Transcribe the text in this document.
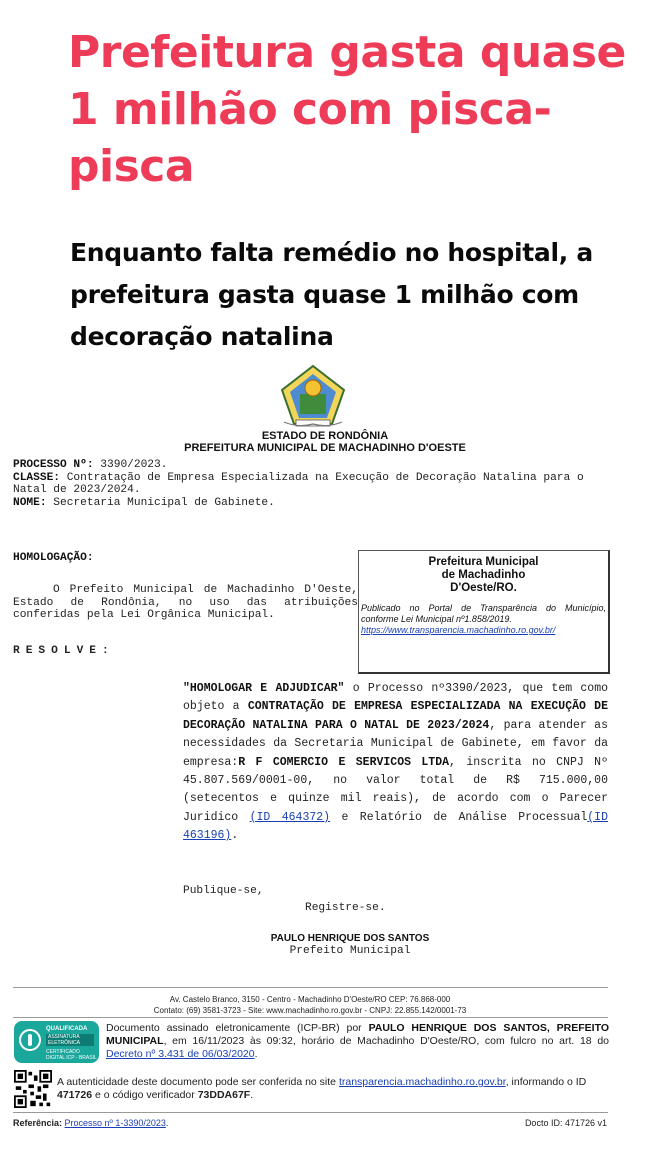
Prefeitura gasta quase 1 milhão com pisca-pisca
Enquanto falta remédio no hospital, a prefeitura gasta quase 1 milhão com decoração natalina
ESTADO DE RONDÔNIA
PREFEITURA MUNICIPAL DE MACHADINHO D'OESTE
PROCESSO Nº: 3390/2023.
CLASSE: Contratação de Empresa Especializada na Execução de Decoração Natalina para o Natal de 2023/2024.
NOME: Secretaria Municipal de Gabinete.
HOMOLOGAÇÃO:
O Prefeito Municipal de Machadinho D'Oeste, Estado de Rondônia, no uso das atribuições conferidas pela Lei Orgânica Municipal.
RESOLVE:
Prefeitura Municipal
de Machadinho
D'Oeste/RO.
Publicado no Portal de Transparência do Município, conforme Lei Municipal nº1.858/2019.
https://www.transparencia.machadinho.ro.gov.br/
"HOMOLOGAR E ADJUDICAR" o Processo nº3390/2023, que tem como objeto a CONTRATAÇÃO DE EMPRESA ESPECIALIZADA NA EXECUÇÃO DE DECORAÇÃO NATALINA PARA O NATAL DE 2023/2024, para atender as necessidades da Secretaria Municipal de Gabinete, em favor da empresa:R F COMERCIO E SERVICOS LTDA, inscrita no CNPJ Nº 45.807.569/0001-00, no valor total de R$ 715.000,00 (setecentos e quinze mil reais), de acordo com o Parecer Juridico (ID 464372) e Relatório de Análise Processual(ID 463196).
Publique-se,
Registre-se.
PAULO HENRIQUE DOS SANTOS
Prefeito Municipal
Av. Castelo Branco, 3150 - Centro - Machadinho D'Oeste/RO CEP: 76.868-000
Contato: (69) 3581-3723 - Site: www.machadinho.ro.gov.br - CNPJ: 22.855.142/0001-73
QUALIFICADA
ASSINATURA ELETRÔNICA
CERTIFICADO DIGITAL ICP - BRASIL
Documento assinado eletronicamente (ICP-BR) por PAULO HENRIQUE DOS SANTOS, PREFEITO MUNICIPAL, em 16/11/2023 às 09:32, horário de Machadinho D'Oeste/RO, com fulcro no art. 18 do Decreto nº 3.431 de 06/03/2020.
A autenticidade deste documento pode ser conferida no site transparencia.machadinho.ro.gov.br, informando o ID 471726 e o código verificador 73DDA67F.
Referência: Processo nº 1-3390/2023.	Docto ID: 471726 v1
